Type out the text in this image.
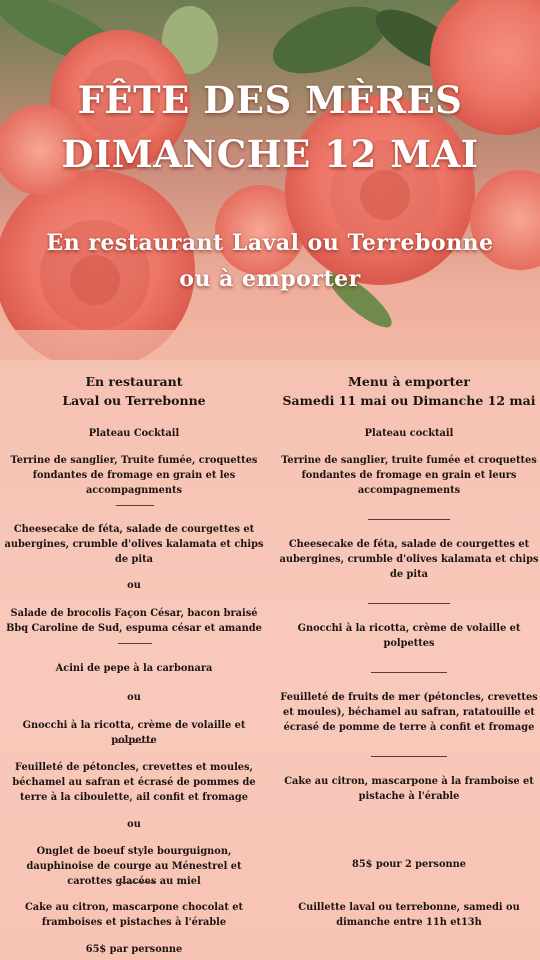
FÊTE DES MÈRES
DIMANCHE 12 MAI
En restaurant Laval ou Terrebonne
ou à emporter

En restaurant

Laval ou Terrebonne

Plateau Cocktail

Terrine de sanglier, Truite fumée, croquettes fondantes de fromage en grain et les accompagnments

Cheesecake de féta, salade de courgettes et aubergines, crumble d'olives kalamata et chips de pita

ou

Salade de brocolis Façon César, bacon braisé Bbq Caroline de Sud, espuma césar et amande

Acini de pepe à la carbonara

ou

Gnocchi à la ricotta, crème de volaille et polpette

Feuilleté de pétoncles, crevettes et moules, béchamel au safran et écrasé de pommes de terre à la ciboulette, ail confit et fromage

ou

Onglet de boeuf style bourguignon, dauphinoise de courge au Ménestrel et carottes glacées au miel

Cake au citron, mascarpone chocolat et framboises et pistaches à l'érable

65$ par personne

Menu à emporter

Samedi 11 mai ou Dimanche 12 mai

Plateau cocktail

Terrine de sanglier, truite fumée et croquettes fondantes de fromage en grain et leurs accompagnements

Cheesecake de féta, salade de courgettes et aubergines, crumble d'olives kalamata et chips de pita

Gnocchi à la ricotta, crème de volaille et polpettes

Feuilleté de fruits de mer (pétoncles, crevettes et moules), béchamel au safran, ratatouille et écrasé de pomme de terre à confit et fromage

Cake au citron, mascarpone à la framboise et pistache à l'érable

85$ pour 2 personne

Cuillette laval ou terrebonne, samedi ou dimanche entre 11h et13h
